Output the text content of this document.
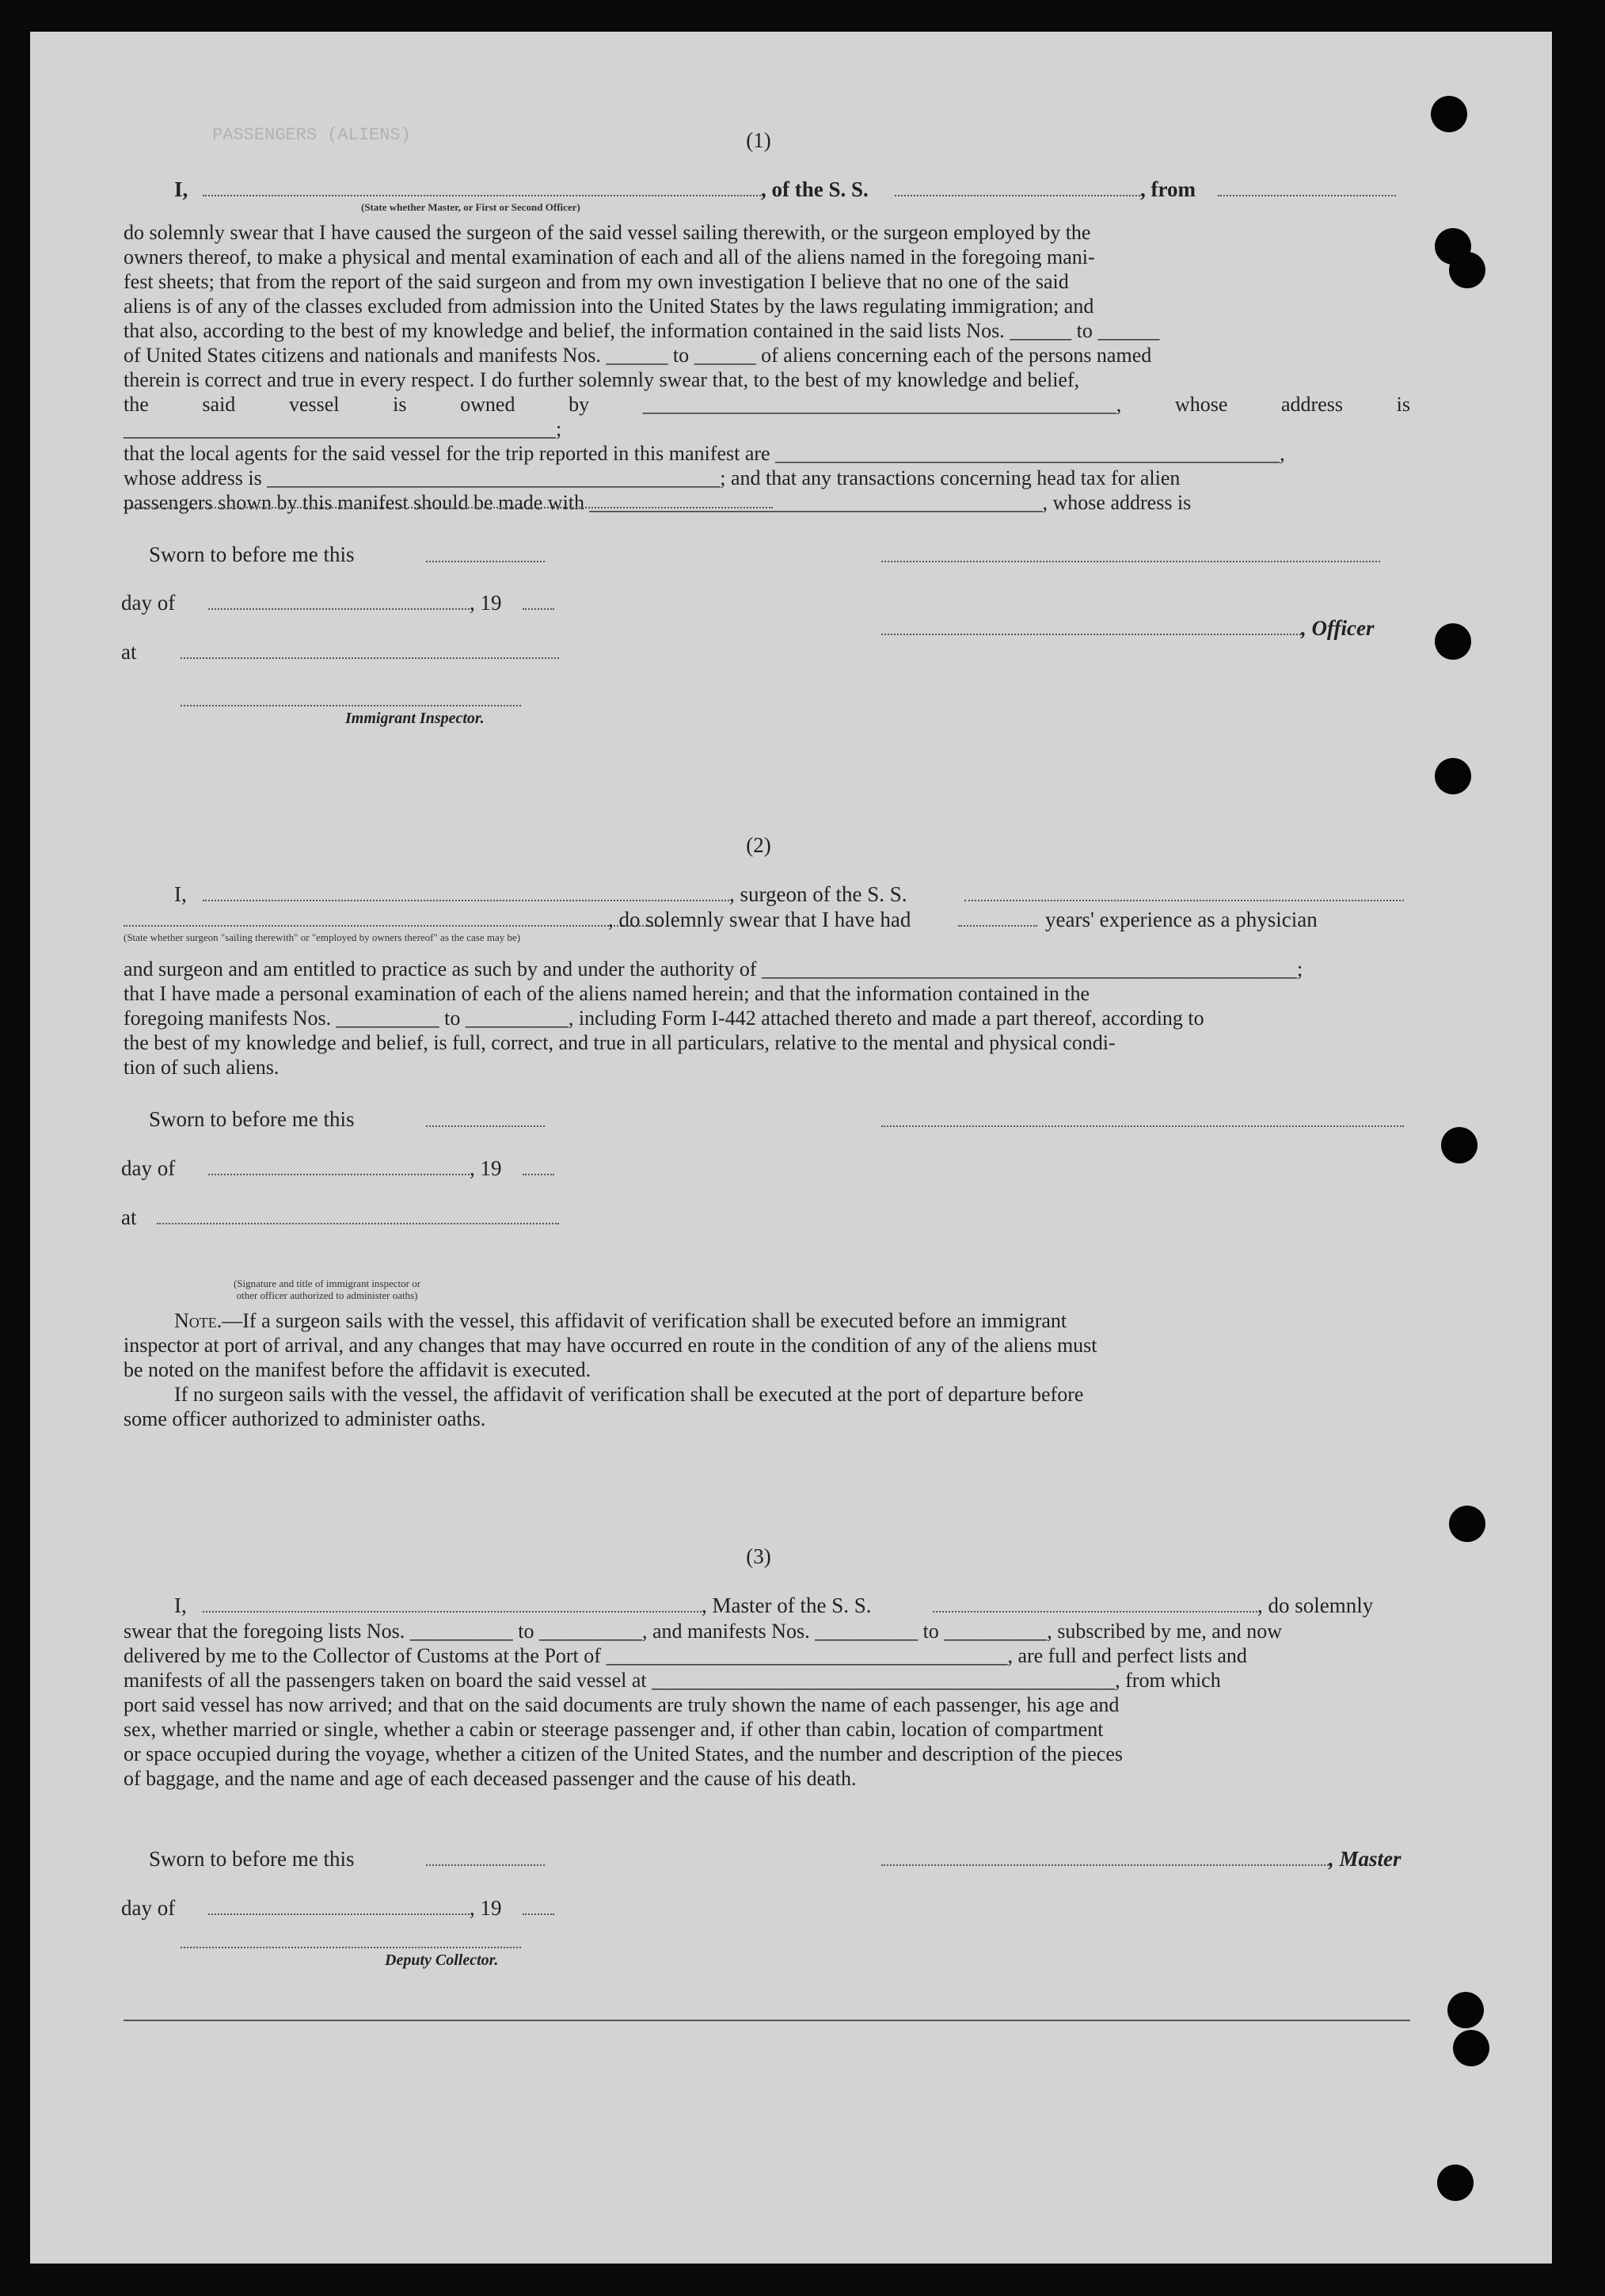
PASSENGERS (ALIENS)	(1)
I,	, of the S. S.	, from
(State whether Master, or First or Second Officer)

do solemnly swear that I have caused the surgeon of the said vessel sailing therewith, or the surgeon employed by the

owners thereof, to make a physical and mental examination of each and all of the aliens named in the foregoing mani-

fest sheets; that from the report of the said surgeon and from my own investigation I believe that no one of the said

aliens is of any of the classes excluded from admission into the United States by the laws regulating immigration; and

that also, according to the best of my knowledge and belief, the information contained in the said lists Nos. ______ to ______

of United States citizens and nationals and manifests Nos. ______ to ______ of aliens concerning each of the persons named

therein is correct and true in every respect. I do further solemnly swear that, to the best of my knowledge and belief,

the said vessel is owned by ______________________________________________, whose address is __________________________________________;

that the local agents for the said vessel for the trip reported in this manifest are _________________________________________________,

whose address is ____________________________________________; and that any transactions concerning head tax for alien

passengers shown by this manifest should be made with ____________________________________________, whose address is

Sworn to before me this
day of	, 19
, Officer
at
Immigrant Inspector.
(2)
I,	, surgeon of the S. S.
, do solemnly swear that I have had	years' experience as a physician
(State whether surgeon "sailing therewith" or "employed by owners thereof" as the case may be)

and surgeon and am entitled to practice as such by and under the authority of ____________________________________________________;

that I have made a personal examination of each of the aliens named herein; and that the information contained in the

foregoing manifests Nos. __________ to __________, including Form I-442 attached thereto and made a part thereof, according to

the best of my knowledge and belief, is full, correct, and true in all particulars, relative to the mental and physical condi-

tion of such aliens.

Sworn to before me this
day of	, 19
at
(Signature and title of immigrant inspector or
other officer authorized to administer oaths)
Note.—If a surgeon sails with the vessel, this affidavit of verification shall be executed before an immigrant
inspector at port of arrival, and any changes that may have occurred en route in the condition of any of the aliens must
be noted on the manifest before the affidavit is executed.
If no surgeon sails with the vessel, the affidavit of verification shall be executed at the port of departure before
some officer authorized to administer oaths.
(3)
I,	, Master of the S. S.	, do solemnly

swear that the foregoing lists Nos. __________ to __________, and manifests Nos. __________ to __________, subscribed by me, and now

delivered by me to the Collector of Customs at the Port of _______________________________________, are full and perfect lists and

manifests of all the passengers taken on board the said vessel at _____________________________________________, from which

port said vessel has now arrived; and that on the said documents are truly shown the name of each passenger, his age and

sex, whether married or single, whether a cabin or steerage passenger and, if other than cabin, location of compartment

or space occupied during the voyage, whether a citizen of the United States, and the number and description of the pieces

of baggage, and the name and age of each deceased passenger and the cause of his death.

Sworn to before me this	, Master
day of	, 19
Deputy Collector.
